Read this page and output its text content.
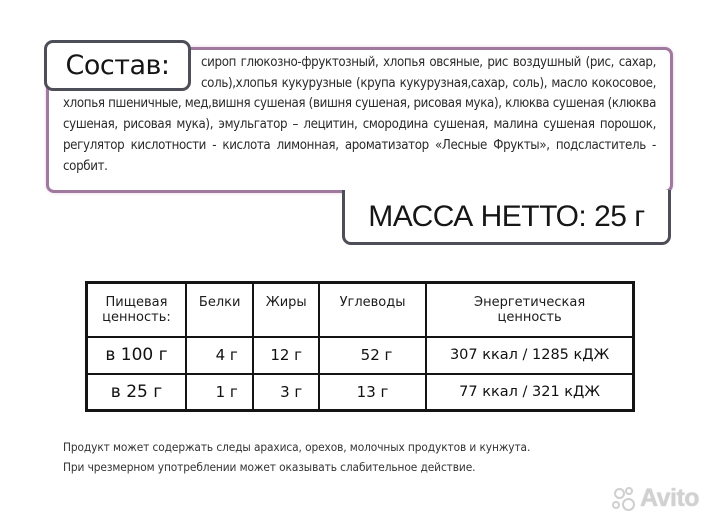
Состав:	сироп глюкозно-фруктозный, хлопья овсяные, рис воздушный (рис, сахар, соль),хлопья кукурузные (крупа кукурузная,сахар, соль), масло кокосовое, хлопья пшеничные, мед,вишня сушеная (вишня сушеная, рисовая мука), клюква сушеная (клюква сушеная, рисовая мука), эмульгатор – лецитин, смородина сушеная, малина сушеная порошок, регулятор кислотности - кислота лимонная, ароматизатор «Лесные Фрукты», подсластитель - сорбит.
МАССА НЕТТО: 25 г
Пищевая ценность:	Белки	Жиры	Углеводы	Энергетическая ценность
в 100 г	4 г	12 г	52 г	307 ккал / 1285 кДЖ
в 25 г	1 г	3 г	13 г	77 ккал / 321 кДЖ
Продукт может содержать следы арахиса, орехов, молочных продуктов и кунжута.
При чрезмерном употреблении может оказывать слабительное действие.
Avito
